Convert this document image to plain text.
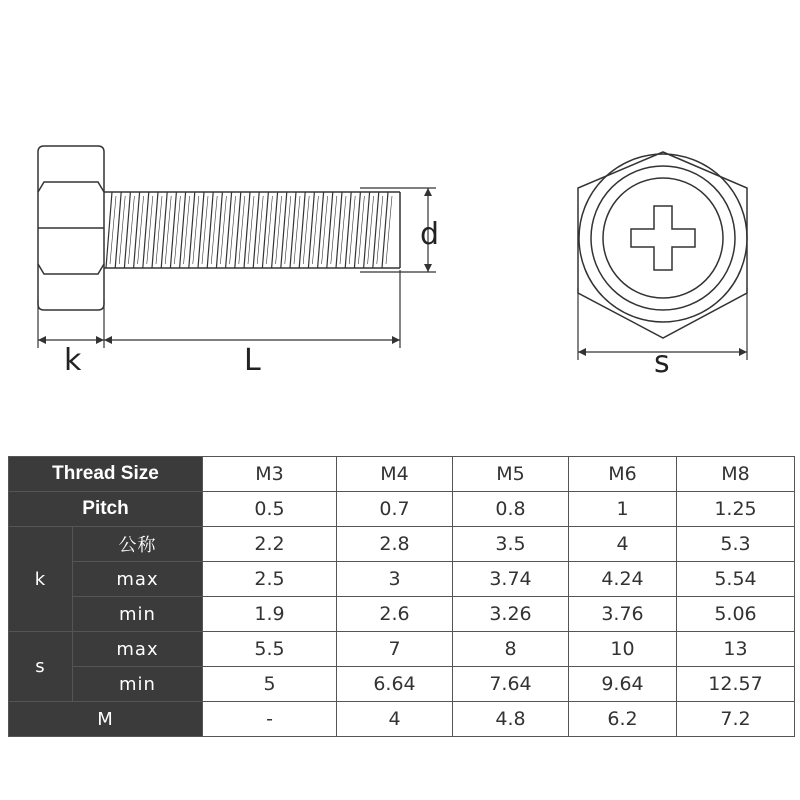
d
k	L	s
Thread Size		M3	M4	M5	M6	M8
Pitch		0.5	0.7	0.8	1	1.25
k	公称	2.2	2.8	3.5	4	5.3
	max	2.5	3	3.74	4.24	5.54
	min	1.9	2.6	3.26	3.76	5.06
s	max	5.5	7	8	10	13
	min	5	6.64	7.64	9.64	12.57
M		-	4	4.8	6.2	7.2
